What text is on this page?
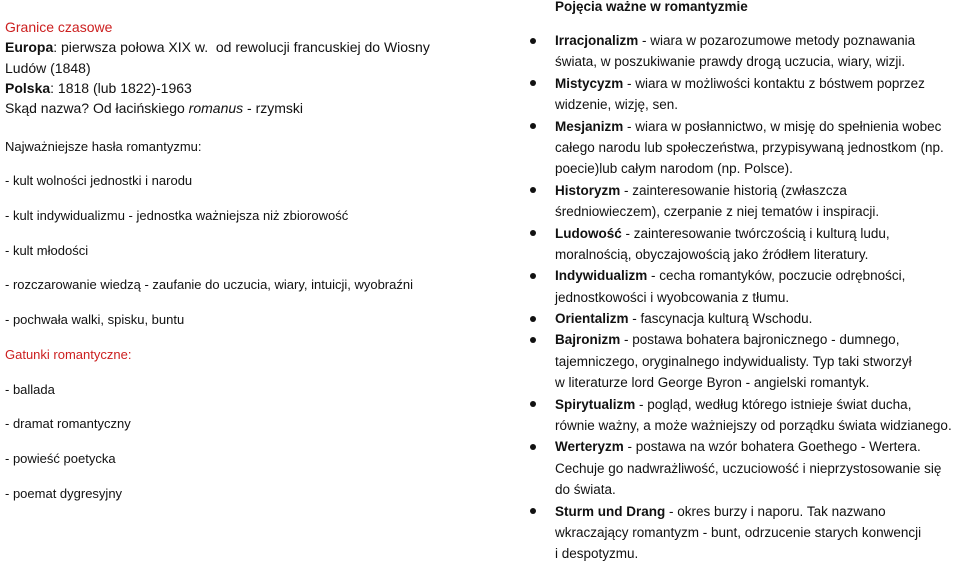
Granice czasowe
Europa: pierwsza połowa XIX w.  od rewolucji francuskiej do Wiosny
Ludów (1848)
Polska: 1818 (lub 1822)-1963
Skąd nazwa? Od łacińskiego romanus - rzymski
Najważniejsze hasła romantyzmu:
- kult wolności jednostki i narodu
- kult indywidualizmu - jednostka ważniejsza niż zbiorowość
- kult młodości
- rozczarowanie wiedzą - zaufanie do uczucia, wiary, intuicji, wyobraźni
- pochwała walki, spisku, buntu
Gatunki romantyczne:
- ballada
- dramat romantyczny
- powieść poetycka
- poemat dygresyjny
Pojęcia ważne w romantyzmie
Irracjonalizm - wiara w pozarozumowe metody poznawania
świata, w poszukiwanie prawdy drogą uczucia, wiary, wizji.
Mistycyzm - wiara w możliwości kontaktu z bóstwem poprzez
widzenie, wizję, sen.
Mesjanizm - wiara w posłannictwo, w misję do spełnienia wobec
całego narodu lub społeczeństwa, przypisywaną jednostkom (np.
poecie)lub całym narodom (np. Polsce).
Historyzm - zainteresowanie historią (zwłaszcza
średniowieczem), czerpanie z niej tematów i inspiracji.
Ludowość - zainteresowanie twórczością i kulturą ludu,
moralnością, obyczajowością jako źródłem literatury.
Indywidualizm - cecha romantyków, poczucie odrębności,
jednostkowości i wyobcowania z tłumu.
Orientalizm - fascynacja kulturą Wschodu.
Bajronizm - postawa bohatera bajronicznego - dumnego,
tajemniczego, oryginalnego indywidualisty. Typ taki stworzył
w literaturze lord George Byron - angielski romantyk.
Spirytualizm - pogląd, według którego istnieje świat ducha,
równie ważny, a może ważniejszy od porządku świata widzianego.
Werteryzm - postawa na wzór bohatera Goethego - Wertera.
Cechuje go nadwrażliwość, uczuciowość i nieprzystosowanie się
do świata.
Sturm und Drang - okres burzy i naporu. Tak nazwano
wkraczający romantyzm - bunt, odrzucenie starych konwencji
i despotyzmu.
